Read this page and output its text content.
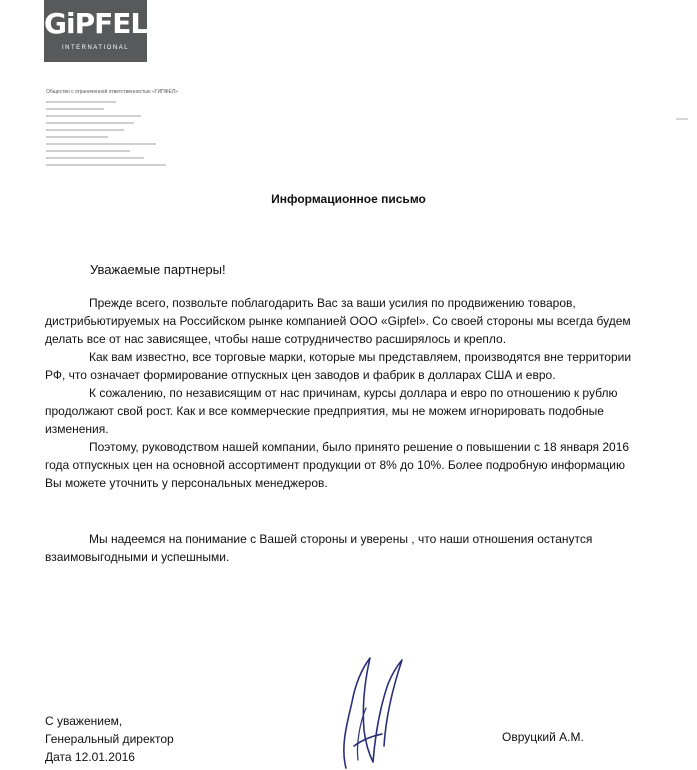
GiPFEL
INTERNATIONAL
Общество с ограниченной ответственностью «ГИПФЕЛ»
Информационное письмо
Уважаемые партнеры!

Прежде всего, позвольте поблагодарить Вас за ваши усилия по продвижению товаров, дистрибьютируемых на Российском рынке компанией ООО «Gipfel». Со своей стороны мы всегда будем делать все от нас зависящее, чтобы наше сотрудничество расширялось и крепло.

Как вам известно, все торговые марки, которые мы представляем, производятся вне территории РФ, что означает формирование отпускных цен заводов и фабрик в долларах США и евро.

К сожалению, по независящим от нас причинам, курсы доллара и евро по отношению к рублю продолжают свой рост. Как и все коммерческие предприятия, мы не можем игнорировать подобные изменения.

Поэтому, руководством нашей компании, было принято решение о повышении с 18 января 2016 года отпускных цен на основной ассортимент продукции от 8% до 10%. Более подробную информацию Вы можете уточнить у персональных менеджеров.

Мы надеемся на понимание с Вашей стороны и уверены , что наши отношения останутся взаимовыгодными и успешными.

С уважением,
Генеральный директор
Дата 12.01.2016
Овруцкий А.М.
